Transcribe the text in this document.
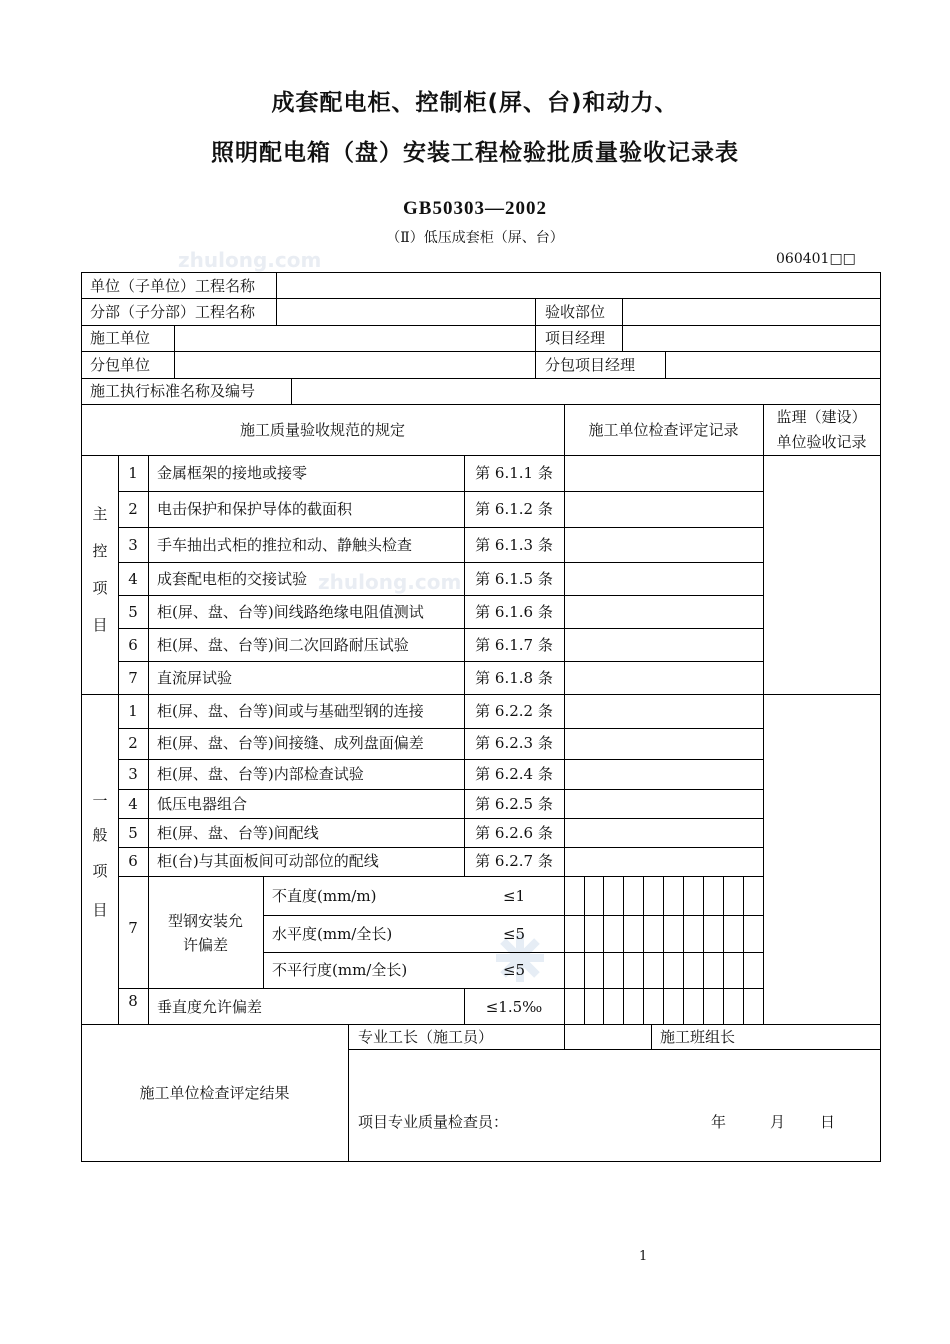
成套配电柜、控制柜(屏、台)和动力、
照明配电箱（盘）安装工程检验批质量验收记录表
GB50303—2002
（Ⅱ）低压成套柜（屏、台）
060401□□
zhulong.com
zhulong.com
单位（子单位）工程名称
分部（子分部）工程名称	验收部位
施工单位	项目经理
分包单位	分包项目经理
施工执行标准名称及编号
施工质量验收规范的规定	施工单位检查评定记录
监理（建设）
单位验收记录
主
控
项
目
1	金属框架的接地或接零	第 6.1.1 条
2	电击保护和保护导体的截面积	第 6.1.2 条
3	手车抽出式柜的推拉和动、静触头检查	第 6.1.3 条
4	成套配电柜的交接试验	第 6.1.5 条
5	柜(屏、盘、台等)间线路绝缘电阻值测试	第 6.1.6 条
6	柜(屏、盘、台等)间二次回路耐压试验	第 6.1.7 条
7	直流屏试验	第 6.1.8 条
一
般
项
目
1	柜(屏、盘、台等)间或与基础型钢的连接	第 6.2.2 条
2	柜(屏、盘、台等)间接缝、成列盘面偏差	第 6.2.3 条
3	柜(屏、盘、台等)内部检查试验	第 6.2.4 条
4	低压电器组合	第 6.2.5 条
5	柜(屏、盘、台等)间配线	第 6.2.6 条
6	柜(台)与其面板间可动部位的配线	第 6.2.7 条
7	型钢安装允
许偏差
不直度(mm/m)	≤1
水平度(mm/全长)	≤5
不平行度(mm/全长)	≤5
8	垂直度允许偏差	≤1.5‰
专业工长（施工员）	施工班组长
施工单位检查评定结果
项目专业质量检查员：	年	月 日
1
